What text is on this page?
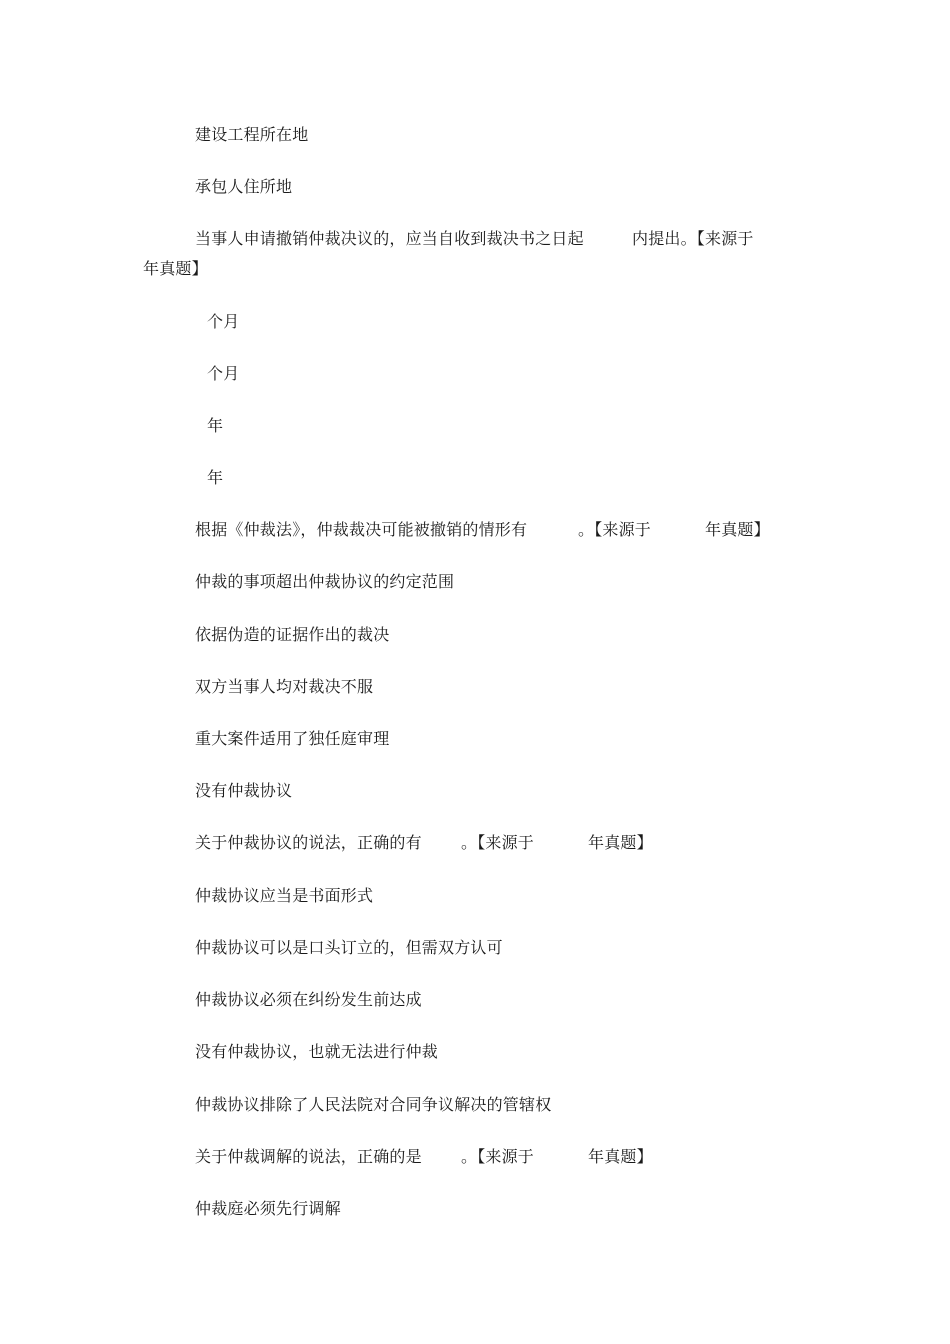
建设工程所在地
承包人住所地

当事人申请撤销仲裁决议的，应当自收到裁决书之日起

	内提出。【来源于

年真题】
个月
个月
年
年

根据《仲裁法》，仲裁裁决可能被撤销的情形有

	。【来源于

	年真题】

仲裁的事项超出仲裁协议的约定范围
依据伪造的证据作出的裁决
双方当事人均对裁决不服
重大案件适用了独任庭审理
没有仲裁协议

关于仲裁协议的说法，正确的有

。【来源于

	年真题】

仲裁协议应当是书面形式
仲裁协议可以是口头订立的，但需双方认可
仲裁协议必须在纠纷发生前达成
没有仲裁协议，也就无法进行仲裁
仲裁协议排除了人民法院对合同争议解决的管辖权

关于仲裁调解的说法，正确的是

。【来源于

	年真题】

仲裁庭必须先行调解
